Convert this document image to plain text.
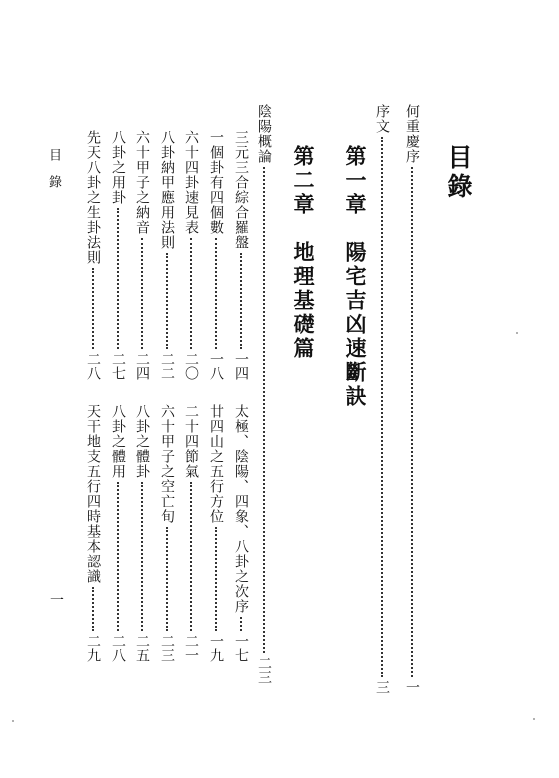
目錄
何重慶序
一
序文
三
第一章　陽宅吉凶速斷訣
第二章　地理基礎篇
陰陽概論
二三
三元三合綜合羅盤
一四
一個卦有四個數
一八
六十四卦速見表
二〇
八卦納甲應用法則
二二
六十甲子之納音
二四
八卦之用卦
二七
先天八卦之生卦法則
二八
太極、陰陽、四象、八卦之次序
一七
廿四山之五行方位
一九
二十四節氣
二一
六十甲子之空亡旬
二三
八卦之體卦
二五
八卦之體用
二八
天干地支五行四時基本認識
二九
目錄
一
